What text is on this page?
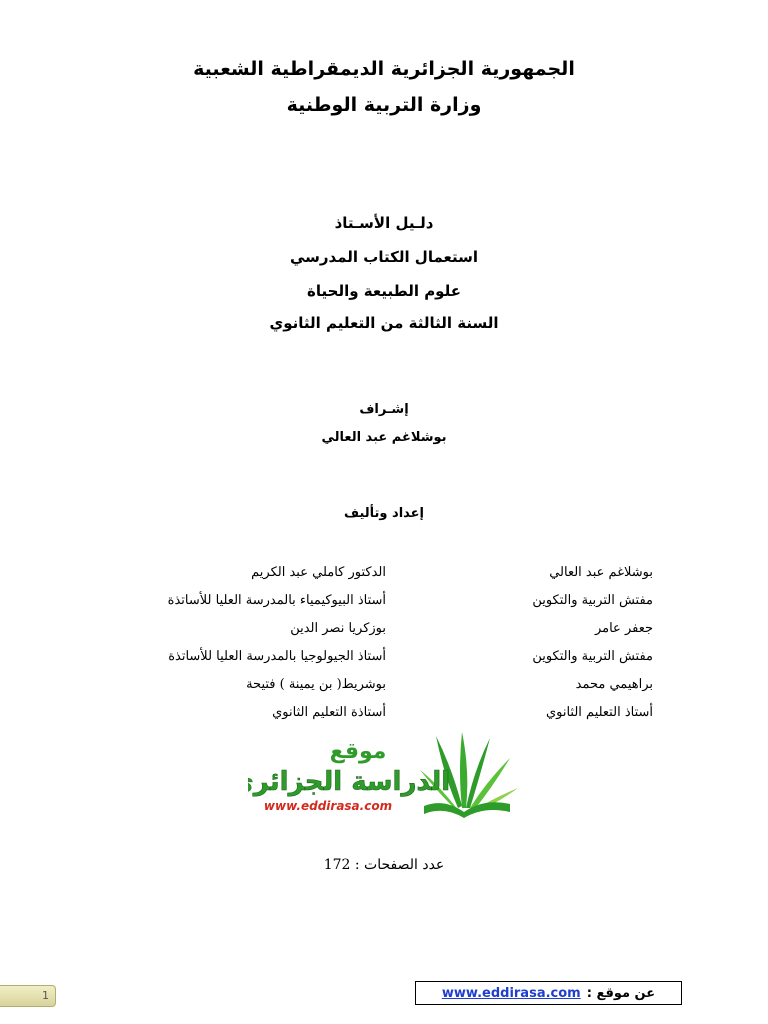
الجمهورية الجزائرية الديمقراطية الشعبية
وزارة التربية الوطنية
دلـيل الأسـتاذ
استعمال الكتاب المدرسي
علوم الطبيعة والحياة
السنة الثالثة من التعليم الثانوي
إشـراف
بوشلاغم عبد العالي
إعداد وتأليف
بوشلاغم عبد العالي
مفتش التربية والتكوين
جعفر عامر
مفتش التربية والتكوين
براهيمي محمد
أستاذ التعليم الثانوي
الدكتور كاملي عبد الكريم
أستاذ البيوكيمياء بالمدرسة العليا للأساتذة
بوزكريا نصر الدين
أستاذ الجيولوجيا بالمدرسة العليا للأساتذة
بوشريط( بن يمينة ) فتيحة
أستاذة التعليم الثانوي
موقع
الدراسة الجزائري
www.eddirasa.com
عدد الصفحات : 172
عن موقع :
www.eddirasa.com
1
